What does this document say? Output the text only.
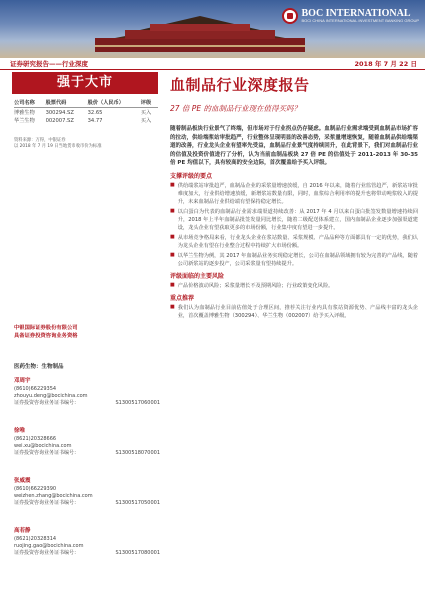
BOC INTERNATIONAL
BOCI CHINA INTERNATIONAL INVESTMENT BANKING GROUP
证券研究报告——行业深度	2018 年 7 月 22 日
强于大市
公司名称	股票代码	股价（人民币）	评级
博雅生物	300294.SZ	32.65	买入
华兰生物	002007.SZ	34.77	买入
资料来源：万得，中银证券
以 2018 年 7 月 19 日当地货币收市价为标准
中银国际证券股份有限公司
具备证券投资咨询业务资格
医药生物：生物制品
邓周宇
(8610)66229354
zhouyu.deng@bocichina.com
证券投资咨询业务证书编号：	S1300517060001
徐唯
(8621)20328666
wei.xu@bocichina.com
证券投资咨询业务证书编号：	S1300518070001
张威震
(8610)66229390
weizhen.zhang@bocichina.com
证券投资咨询业务证书编号：	S1300517050001
高若静
(8621)20328314
ruojing.gao@bocichina.com
证券投资咨询业务证书编号：	S1300517080001
血制品行业深度报告
27 倍 PE 的血制品行业现在值得买吗？

随着制品板块行业景气了终端，但市场对于行业拐点仍存疑虑。血制品行业需求端受到血制品市场扩容的拉动，供给端浆站审批趋严，行业整体呈现明显的改善态势，采浆量增速恢复，随着血制品供给端渠道的改善，行业龙头企业有望率先受益，血制品行业景气度持续回升，在此背景下，我们对血制品行业的估值及投资价值进行了分析，认为当前血制品板块 27 倍 PE 的估值处于 2011-2013 年 30-35 倍 PE 均值以下，具有较高的安全边际，首次覆盖给予买入评级。

支撑评级的要点
■ 供给端浆站审批趋严，血制品企业的采浆量增速放缓，自 2016 年以来，随着行业监管趋严，新浆站审批难度加大，行业供给增速放缓，新增浆站数量有限，同时，血浆综合利用率的提升也将带动吨浆收入的提升，未来血制品行业供给端有望保持稳定增长。
■ 以白蛋白为代表的血制品行业需求端渠道持续改善：从 2017 年 4 月以来白蛋白批签发数量增速持续回升，2018 年上半年血制品批签发量同比增长，随着二级配送体系建立，国内血制品企业逐步加强渠道建设，龙头企业有望获取更多的市场份额，行业集中度有望进一步提升。
■ 从市场竞争格局来看，行业龙头企业在浆站数量、采浆规模、产品品种等方面都具有一定的优势，我们认为龙头企业有望在行业整合过程中持续扩大市场份额。
■ 以华兰生物为例，其 2017 年血制品业务实现稳定增长，公司在血制品领域拥有较为完善的产品线，随着公司新浆站的逐步投产，公司采浆量有望持续提升。
评级面临的主要风险
■ 产品价格波动风险；采浆量增长不及预期风险；行业政策变化风险。
重点推荐
■ 我们认为血制品行业目前估值处于合理区间，推荐关注行业内具有浆站资源优势、产品线丰富的龙头企业，首次覆盖博雅生物（300294）、华兰生物（002007）给予买入评级。
